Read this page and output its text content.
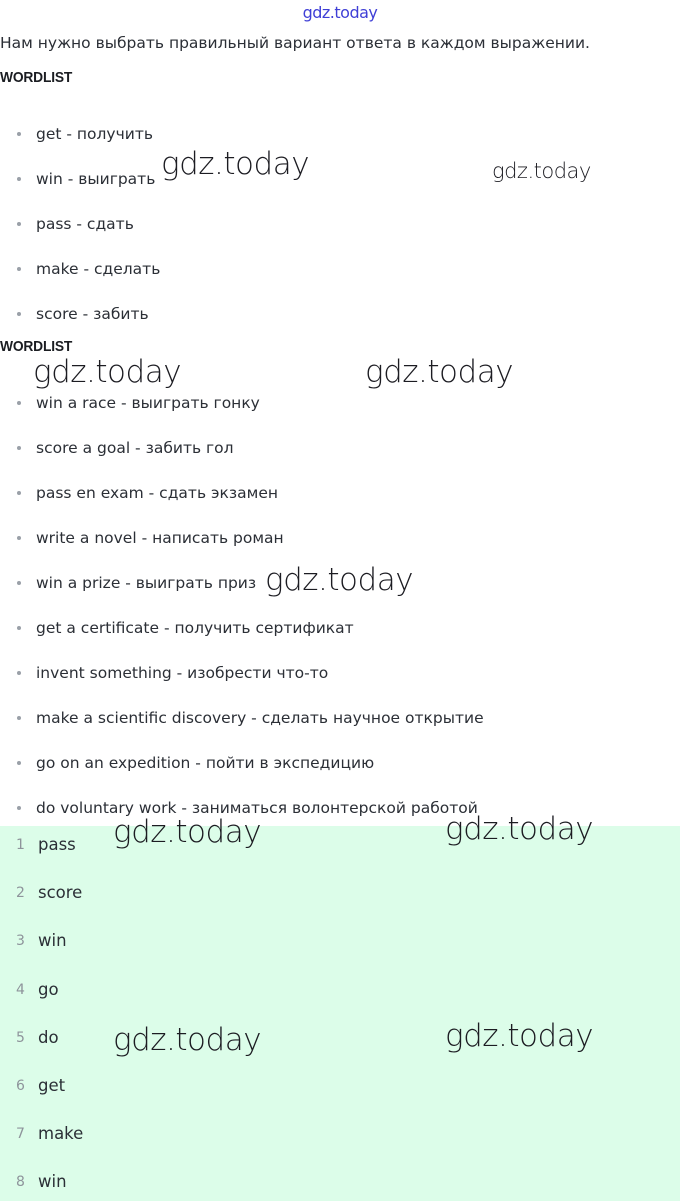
gdz.today
Нам нужно выбрать правильный вариант ответа в каждом выражении.
WORDLIST
get - получить
win - выиграть
pass - сдать
make - сделать
score - забить
WORDLIST
win a race - выиграть гонку
score a goal - забить гол
pass en exam - сдать экзамен
write a novel - написать роман
win a prize - выиграть приз
get a certificate - получить сертификат
invent something - изобрести что-то
make a scientific discovery - сделать научное открытие
go on an expedition - пойти в экспедицию
do voluntary work - заниматься волонтерской работой
1 pass
2 score
3 win
4 go
5 do
6 get
7 make
8 win
gdz.today	gdz.today
gdz.today	gdz.today
gdz.today
gdz.today	gdz.today
gdz.today	gdz.today
